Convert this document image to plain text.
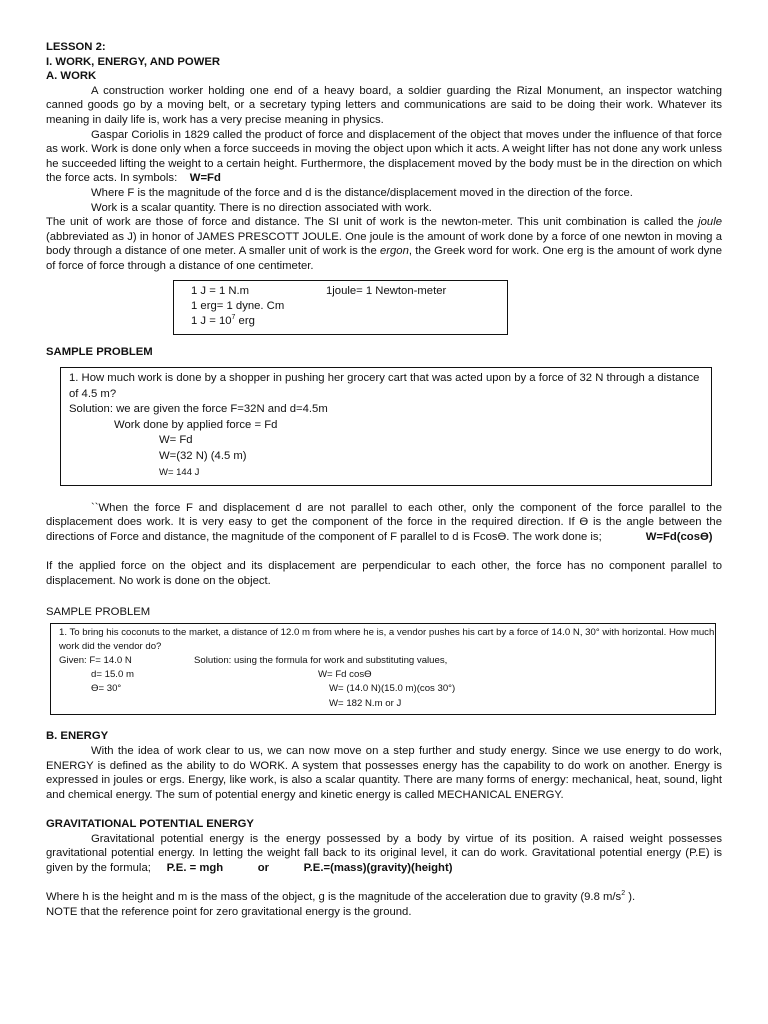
LESSON 2:

I. WORK, ENERGY, AND POWER

A. WORK

A construction worker holding one end of a heavy board, a soldier guarding the Rizal Monument, an inspector watching canned goods go by a moving belt, or a secretary typing letters and communications are said to be doing their work. Whatever its meaning in daily life is, work has a very precise meaning in physics.

Gaspar Coriolis in 1829 called the product of force and displacement of the object that moves under the influence of that force as work. Work is done only when a force succeeds in moving the object upon which it acts. A weight lifter has not done any work unless he succeeded lifting the weight to a certain height. Furthermore, the displacement moved by the body must be in the direction on which the force acts. In symbols: W=Fd

Where F is the magnitude of the force and d is the distance/displacement moved in the direction of the force.

Work is a scalar quantity. There is no direction associated with work.

The unit of work are those of force and distance. The SI unit of work is the newton-meter. This unit combination is called the joule (abbreviated as J) in honor of JAMES PRESCOTT JOULE. One joule is the amount of work done by a force of one newton in moving a body through a distance of one meter. A smaller unit of work is the ergon, the Greek word for work. One erg is the amount of work dyne of force of force through a distance of one centimeter.

1 J = 1 N.m	1joule= 1 Newton-meter
1 erg= 1 dyne. Cm
1 $J = 10^7$ erg

SAMPLE PROBLEM

1. How much work is done by a shopper in pushing her grocery cart that was acted upon by a force of 32 N through a distance of 4.5 m?
Solution: we are given the force F=32N and d=4.5m
Work done by applied force = Fd
W= Fd
W=(32 N) (4.5 m)
W= 144 J

``When the force F and displacement d are not parallel to each other, only the component of the force parallel to the displacement does work. It is very easy to get the component of the force in the required direction. If ϴ is the angle between the directions of Force and distance, the magnitude of the component of F parallel to d is Fcosϴ. The work done is;	W=Fd(cosϴ)

If the applied force on the object and its displacement are perpendicular to each other, the force has no component parallel to displacement. No work is done on the object.

SAMPLE PROBLEM

1. To bring his coconuts to the market, a distance of 12.0 m from where he is, a vendor pushes his cart by a force of 14.0 N, 30° with horizontal. How much work did the vendor do?
Given: F= 14.0 N	Solution: using the formula for work and substituting values,
d= 15.0 m	W= Fd cosϴ
ϴ= 30°	W= (14.0 N)(15.0 m)(cos 30°)
W= 182 N.m or J

B. ENERGY

With the idea of work clear to us, we can now move on a step further and study energy. Since we use energy to do work, ENERGY is defined as the ability to do WORK. A system that possesses energy has the capability to do work on another. Energy is expressed in joules or ergs. Energy, like work, is also a scalar quantity. There are many forms of energy: mechanical, heat, sound, light and chemical energy. The sum of potential energy and kinetic energy is called MECHANICAL ENERGY.

GRAVITATIONAL POTENTIAL ENERGY

Gravitational potential energy is the energy possessed by a body by virtue of its position. A raised weight possesses gravitational potential energy. In letting the weight fall back to its original level, it can do work. Gravitational potential energy (P.E) is given by the formula; P.E. = mgh	or	P.E.=(mass)(gravity)(height)

Where h is the height and m is the mass of the object, g is the magnitude of the acceleration due to gravity (9.8 $m/s^2$ ).

NOTE that the reference point for zero gravitational energy is the ground.
